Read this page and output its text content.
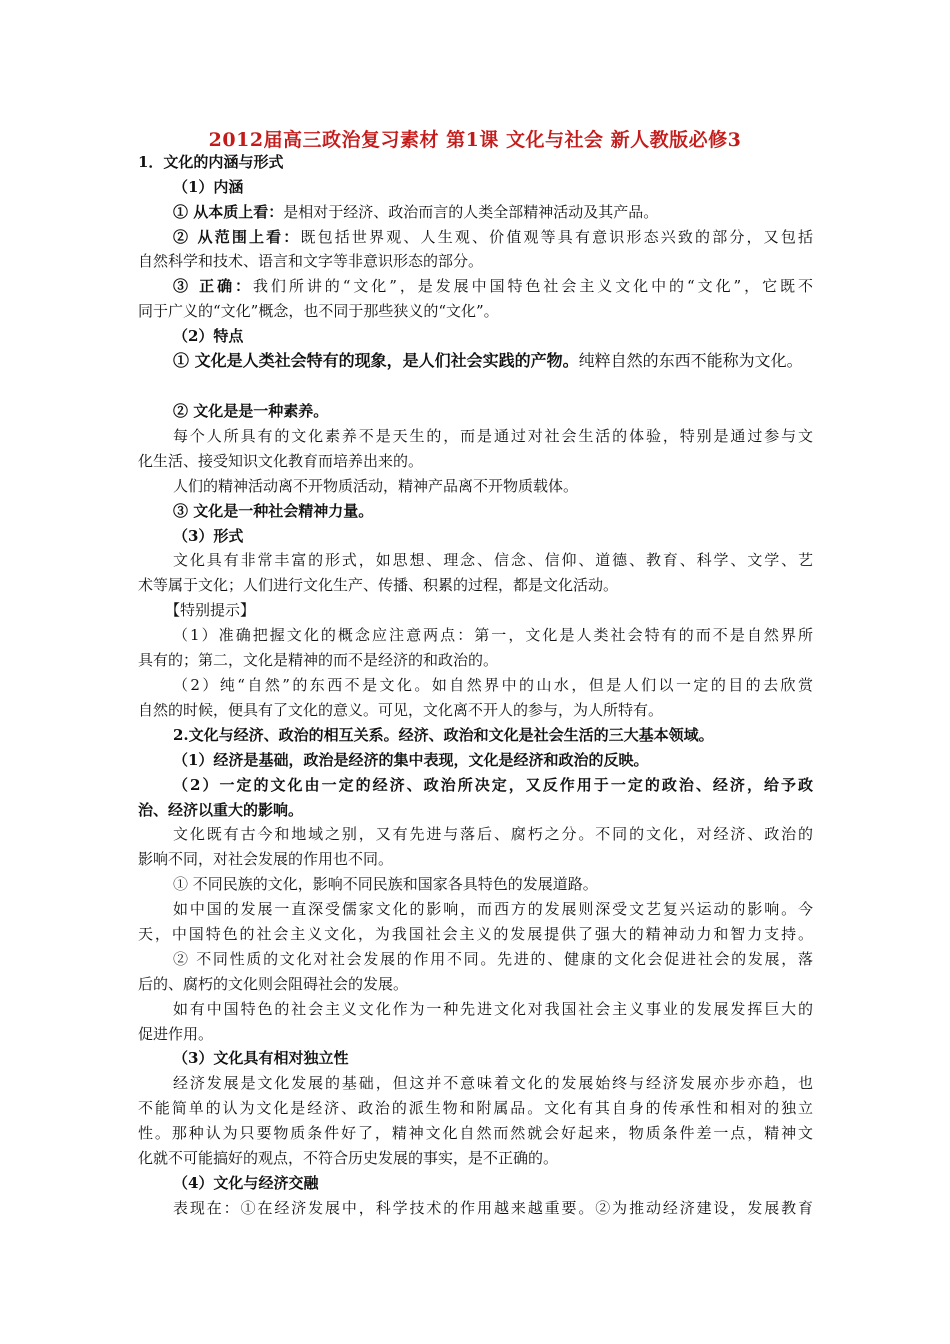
2012届高三政治复习素材 第1课 文化与社会 新人教版必修3
1．文化的内涵与形式
（1）内涵
① 从本质上看：是相对于经济、政治而言的人类全部精神活动及其产品。
② 从范围上看：既包括世界观、人生观、价值观等具有意识形态兴致的部分，又包括
自然科学和技术、语言和文字等非意识形态的部分。
③ 正确：我们所讲的“文化”，是发展中国特色社会主义文化中的“文化”，它既不
同于广义的“文化”概念，也不同于那些狭义的“文化”。
（2）特点
① 文化是人类社会特有的现象，是人们社会实践的产物。纯粹自然的东西不能称为文化。
② 文化是是一种素养。
每个人所具有的文化素养不是天生的，而是通过对社会生活的体验，特别是通过参与文
化生活、接受知识文化教育而培养出来的。
人们的精神活动离不开物质活动，精神产品离不开物质载体。
③ 文化是一种社会精神力量。
（3）形式
文化具有非常丰富的形式，如思想、理念、信念、信仰、道德、教育、科学、文学、艺
术等属于文化；人们进行文化生产、传播、积累的过程，都是文化活动。
【特别提示】
（1）准确把握文化的概念应注意两点：第一，文化是人类社会特有的而不是自然界所
具有的；第二，文化是精神的而不是经济的和政治的。
（2）纯“自然”的东西不是文化。如自然界中的山水，但是人们以一定的目的去欣赏
自然的时候，便具有了文化的意义。可见，文化离不开人的参与，为人所特有。
2.文化与经济、政治的相互关系。经济、政治和文化是社会生活的三大基本领域。
（1）经济是基础，政治是经济的集中表现，文化是经济和政治的反映。
（2）一定的文化由一定的经济、政治所决定，又反作用于一定的政治、经济，给予政
治、经济以重大的影响。
文化既有古今和地域之别，又有先进与落后、腐朽之分。不同的文化，对经济、政治的
影响不同，对社会发展的作用也不同。
① 不同民族的文化，影响不同民族和国家各具特色的发展道路。
如中国的发展一直深受儒家文化的影响，而西方的发展则深受文艺复兴运动的影响。今
天，中国特色的社会主义文化，为我国社会主义的发展提供了强大的精神动力和智力支持。
② 不同性质的文化对社会发展的作用不同。先进的、健康的文化会促进社会的发展，落
后的、腐朽的文化则会阻碍社会的发展。
如有中国特色的社会主义文化作为一种先进文化对我国社会主义事业的发展发挥巨大的
促进作用。
（3）文化具有相对独立性
经济发展是文化发展的基础，但这并不意味着文化的发展始终与经济发展亦步亦趋，也
不能简单的认为文化是经济、政治的派生物和附属品。文化有其自身的传承性和相对的独立
性。那种认为只要物质条件好了，精神文化自然而然就会好起来，物质条件差一点，精神文
化就不可能搞好的观点，不符合历史发展的事实，是不正确的。
（4）文化与经济交融
表现在：①在经济发展中，科学技术的作用越来越重要。②为推动经济建设，发展教育
